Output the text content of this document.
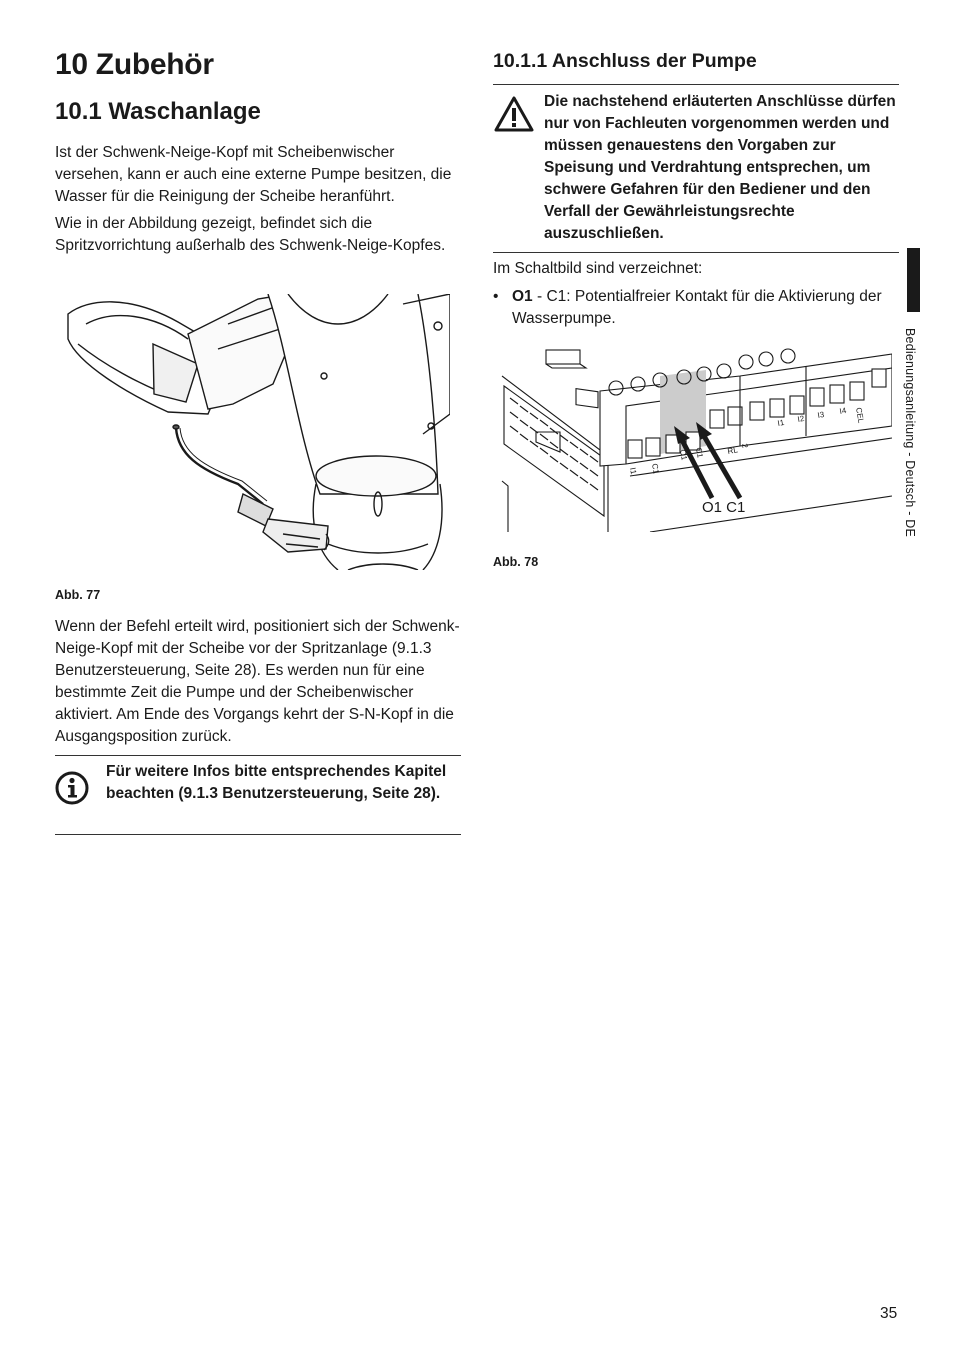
10 Zubehör
10.1 Waschanlage

Ist der Schwenk-Neige-Kopf mit Scheibenwischer versehen, kann er auch eine externe Pumpe besitzen, die Wasser für die Reinigung der Scheibe heranführt.

Wie in der Abbildung gezeigt, befindet sich die Spritzvorrichtung außerhalb des Schwenk-Neige-Kopfes.

Abb. 77

Wenn der Befehl erteilt wird, positioniert sich der Schwenk-Neige-Kopf mit der Scheibe vor der Spritzanlage (9.1.3 Benutzersteuerung, Seite 28). Es werden nun für eine bestimmte Zeit die Pumpe und der Scheibenwischer aktiviert. Am Ende des Vorgangs kehrt der S-N-Kopf in die Ausgangsposition zurück.

Für weitere Infos bitte entsprechendes Kapitel beachten (9.1.3 Benutzersteuerung, Seite 28).
10.1.1 Anschluss der Pumpe
Die nachstehend erläuterten Anschlüsse dürfen nur von Fachleuten vorgenommen werden und müssen genauestens den Vorgaben zur Speisung und Verdrahtung entsprechen, um schwere Gefahren für den Bediener und den Verfall der Gewährleistungsrechte auszuschließen.
Im Schaltbild sind verzeichnet:
• O1 - C1: Potentialfreier Kontakt für die Aktivierung der Wasserpumpe.
I1 C1
O1 C1	RL 2
I1 I2 I3 I4 CEL
O1 C1
Abb. 78
Bedienungsanleitung - Deutsch - DE
35
